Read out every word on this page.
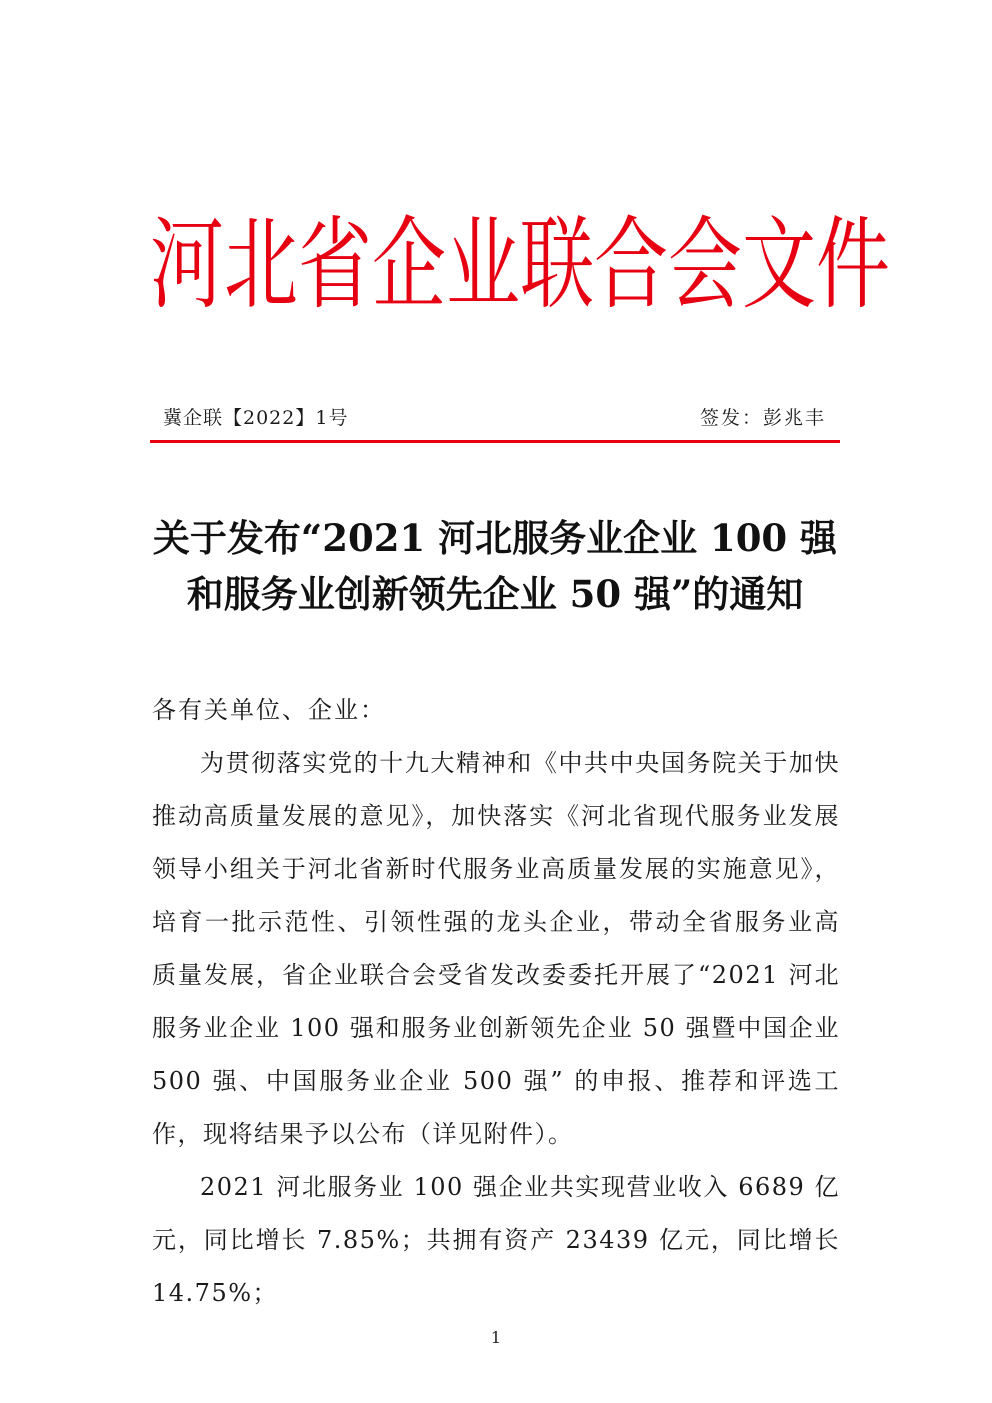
河北省企业联合会文件
冀企联【2022】1号	签发：彭兆丰
关于发布“2021 河北服务业企业 100 强
和服务业创新领先企业 50 强”的通知

各有关单位、企业：

为贯彻落实党的十九大精神和《中共中央国务院关于加快推动高质量发展的意见》，加快落实《河北省现代服务业发展领导小组关于河北省新时代服务业高质量发展的实施意见》，培育一批示范性、引领性强的龙头企业，带动全省服务业高质量发展，省企业联合会受省发改委委托开展了“2021 河北服务业企业 100 强和服务业创新领先企业 50 强暨中国企业 500 强、中国服务业企业 500 强” 的申报、推荐和评选工作，现将结果予以公布（详见附件）。

2021 河北服务业 100 强企业共实现营业收入 6689 亿元，同比增长 7.85%；共拥有资产 23439 亿元，同比增长 14.75%；

1
